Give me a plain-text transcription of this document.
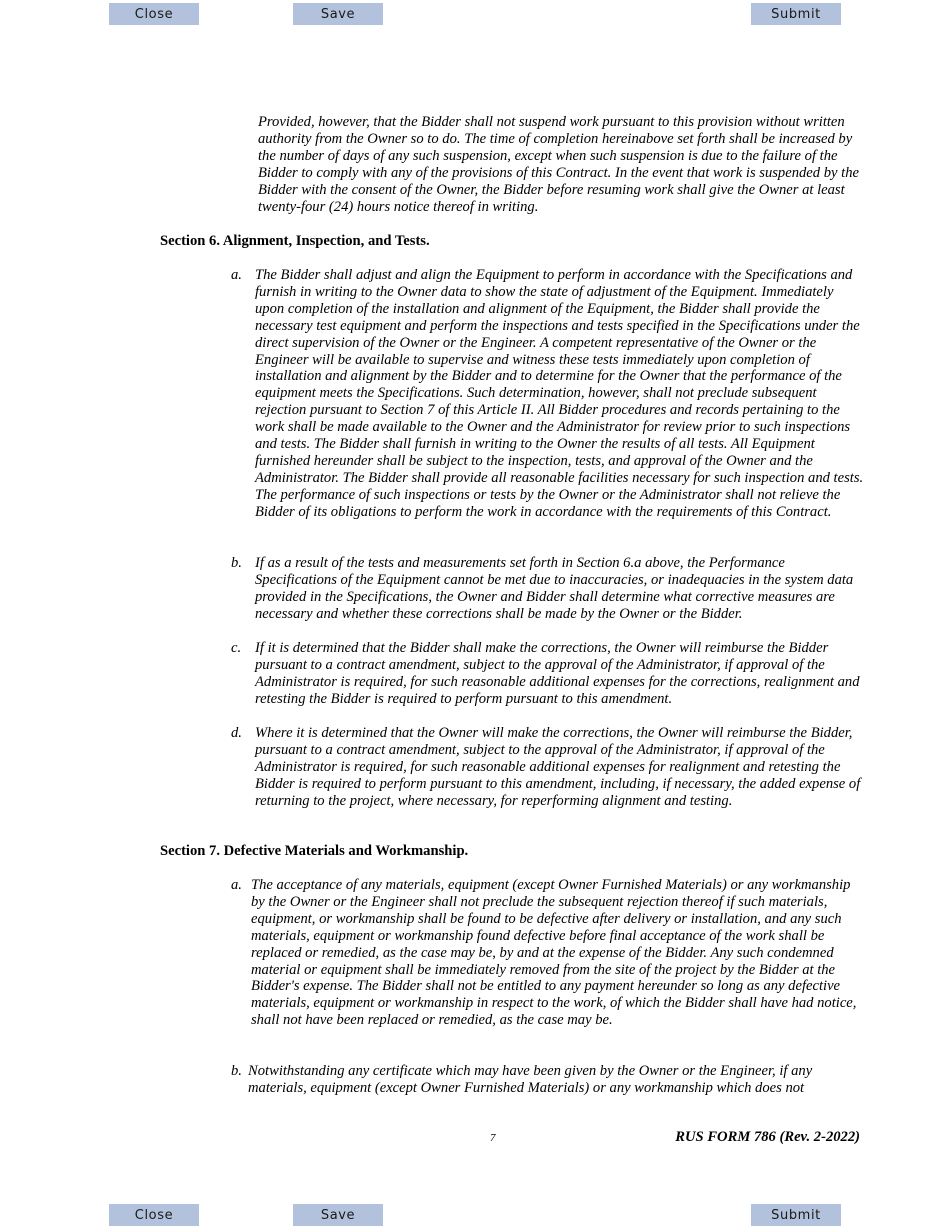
Close	Save	Submit

Provided, however, that the Bidder shall not suspend work pursuant to this provision without written authority from the Owner so to do. The time of completion hereinabove set forth shall be increased by the number of days of any such suspension, except when such suspension is due to the failure of the Bidder to comply with any of the provisions of this Contract. In the event that work is suspended by the Bidder with the consent of the Owner, the Bidder before resuming work shall give the Owner at least twenty-four (24) hours notice thereof in writing.

Section 6. Alignment, Inspection, and Tests.

a. The Bidder shall adjust and align the Equipment to perform in accordance with the Specifications and furnish in writing to the Owner data to show the state of adjustment of the Equipment. Immediately upon completion of the installation and alignment of the Equipment, the Bidder shall provide the necessary test equipment and perform the inspections and tests specified in the Specifications under the direct supervision of the Owner or the Engineer. A competent representative of the Owner or the Engineer will be available to supervise and witness these tests immediately upon completion of installation and alignment by the Bidder and to determine for the Owner that the performance of the equipment meets the Specifications. Such determination, however, shall not preclude subsequent rejection pursuant to Section 7 of this Article II. All Bidder procedures and records pertaining to the work shall be made available to the Owner and the Administrator for review prior to such inspections and tests. The Bidder shall furnish in writing to the Owner the results of all tests. All Equipment furnished hereunder shall be subject to the inspection, tests, and approval of the Owner and the Administrator. The Bidder shall provide all reasonable facilities necessary for such inspection and tests. The performance of such inspections or tests by the Owner or the Administrator shall not relieve the Bidder of its obligations to perform the work in accordance with the requirements of this Contract.
b. If as a result of the tests and measurements set forth in Section 6.a above, the Performance Specifications of the Equipment cannot be met due to inaccuracies, or inadequacies in the system data provided in the Specifications, the Owner and Bidder shall determine what corrective measures are necessary and whether these corrections shall be made by the Owner or the Bidder.
c. If it is determined that the Bidder shall make the corrections, the Owner will reimburse the Bidder pursuant to a contract amendment, subject to the approval of the Administrator, if approval of the Administrator is required, for such reasonable additional expenses for the corrections, realignment and retesting the Bidder is required to perform pursuant to this amendment.
d. Where it is determined that the Owner will make the corrections, the Owner will reimburse the Bidder, pursuant to a contract amendment, subject to the approval of the Administrator, if approval of the Administrator is required, for such reasonable additional expenses for realignment and retesting the Bidder is required to perform pursuant to this amendment, including, if necessary, the added expense of returning to the project, where necessary, for reperforming alignment and testing.

Section 7. Defective Materials and Workmanship.

a. The acceptance of any materials, equipment (except Owner Furnished Materials) or any workmanship by the Owner or the Engineer shall not preclude the subsequent rejection thereof if such materials, equipment, or workmanship shall be found to be defective after delivery or installation, and any such materials, equipment or workmanship found defective before final acceptance of the work shall be replaced or remedied, as the case may be, by and at the expense of the Bidder. Any such condemned material or equipment shall be immediately removed from the site of the project by the Bidder at the Bidder's expense. The Bidder shall not be entitled to any payment hereunder so long as any defective materials, equipment or workmanship in respect to the work, of which the Bidder shall have had notice, shall not have been replaced or remedied, as the case may be.
b. Notwithstanding any certificate which may have been given by the Owner or the Engineer, if any materials, equipment (except Owner Furnished Materials) or any workmanship which does not
7	RUS FORM 786 (Rev. 2-2022)
Close	Save	Submit
